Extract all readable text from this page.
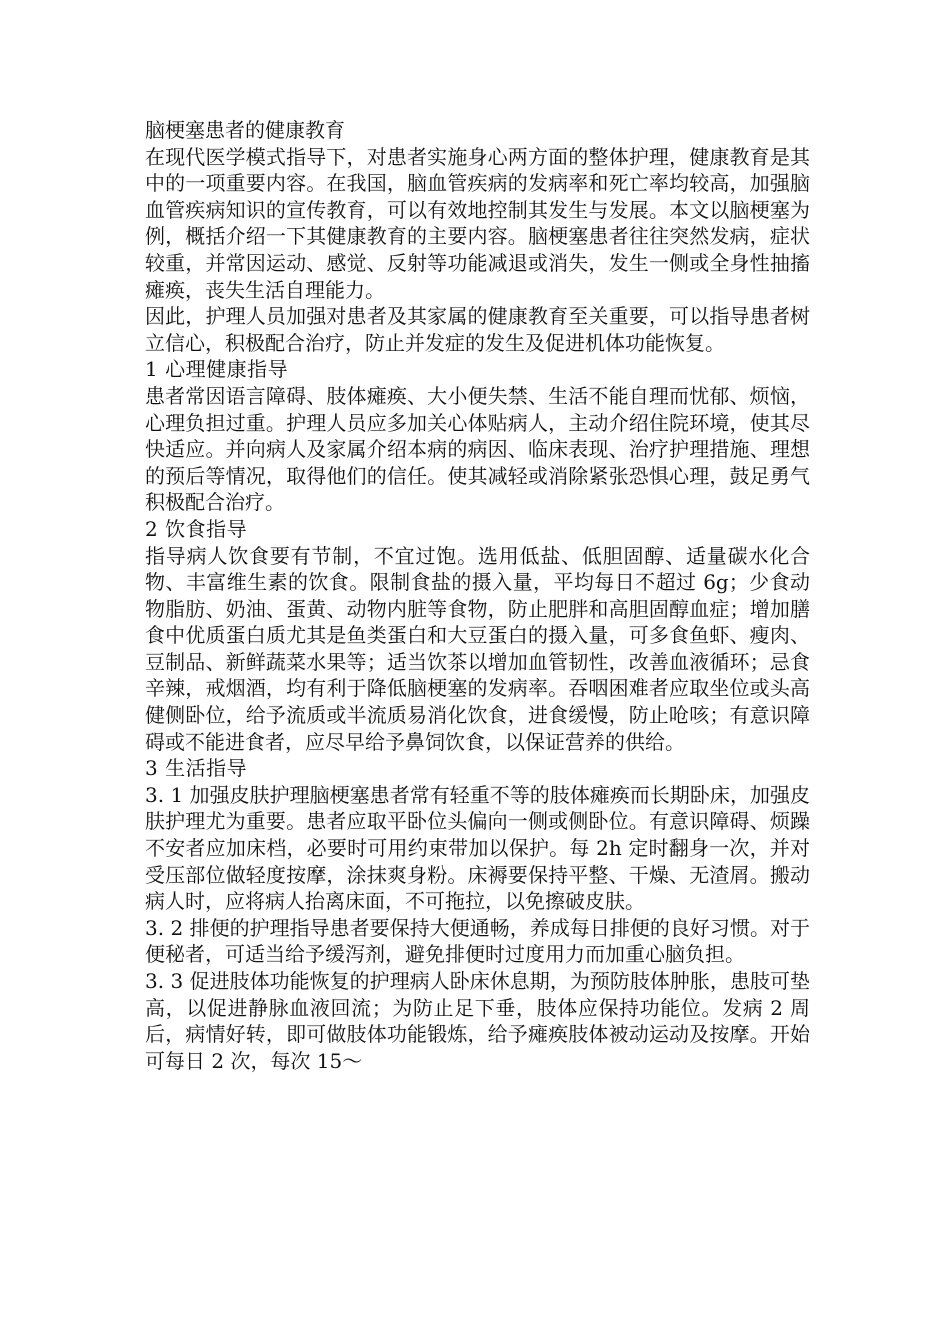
脑梗塞患者的健康教育

在现代医学模式指导下，对患者实施身心两方面的整体护理，健康教育是其中的一项重要内容。在我国，脑血管疾病的发病率和死亡率均较高，加强脑血管疾病知识的宣传教育，可以有效地控制其发生与发展。本文以脑梗塞为例，概括介绍一下其健康教育的主要内容。脑梗塞患者往往突然发病，症状较重，并常因运动、感觉、反射等功能减退或消失，发生一侧或全身性抽搐瘫痪，丧失生活自理能力。

因此，护理人员加强对患者及其家属的健康教育至关重要，可以指导患者树立信心，积极配合治疗，防止并发症的发生及促进机体功能恢复。

1 心理健康指导

患者常因语言障碍、肢体瘫痪、大小便失禁、生活不能自理而忧郁、烦恼，心理负担过重。护理人员应多加关心体贴病人，主动介绍住院环境，使其尽快适应。并向病人及家属介绍本病的病因、临床表现、治疗护理措施、理想的预后等情况，取得他们的信任。使其减轻或消除紧张恐惧心理，鼓足勇气积极配合治疗。

2 饮食指导

指导病人饮食要有节制，不宜过饱。选用低盐、低胆固醇、适量碳水化合物、丰富维生素的饮食。限制食盐的摄入量，平均每日不超过 6g；少食动物脂肪、奶油、蛋黄、动物内脏等食物，防止肥胖和高胆固醇血症；增加膳食中优质蛋白质尤其是鱼类蛋白和大豆蛋白的摄入量，可多食鱼虾、瘦肉、豆制品、新鲜蔬菜水果等；适当饮茶以增加血管韧性，改善血液循环；忌食辛辣，戒烟酒，均有利于降低脑梗塞的发病率。吞咽困难者应取坐位或头高健侧卧位，给予流质或半流质易消化饮食，进食缓慢，防止呛咳；有意识障碍或不能进食者，应尽早给予鼻饲饮食，以保证营养的供给。

3 生活指导

3. 1 加强皮肤护理脑梗塞患者常有轻重不等的肢体瘫痪而长期卧床，加强皮肤护理尤为重要。患者应取平卧位头偏向一侧或侧卧位。有意识障碍、烦躁不安者应加床档，必要时可用约束带加以保护。每 2h 定时翻身一次，并对受压部位做轻度按摩，涂抹爽身粉。床褥要保持平整、干燥、无渣屑。搬动病人时，应将病人抬离床面，不可拖拉，以免擦破皮肤。

3. 2 排便的护理指导患者要保持大便通畅，养成每日排便的良好习惯。对于便秘者，可适当给予缓泻剂，避免排便时过度用力而加重心脑负担。

3. 3 促进肢体功能恢复的护理病人卧床休息期，为预防肢体肿胀，患肢可垫高，以促进静脉血液回流；为防止足下垂，肢体应保持功能位。发病 2 周后，病情好转，即可做肢体功能锻炼，给予瘫痪肢体被动运动及按摩。开始可每日 2 次，每次 15～
